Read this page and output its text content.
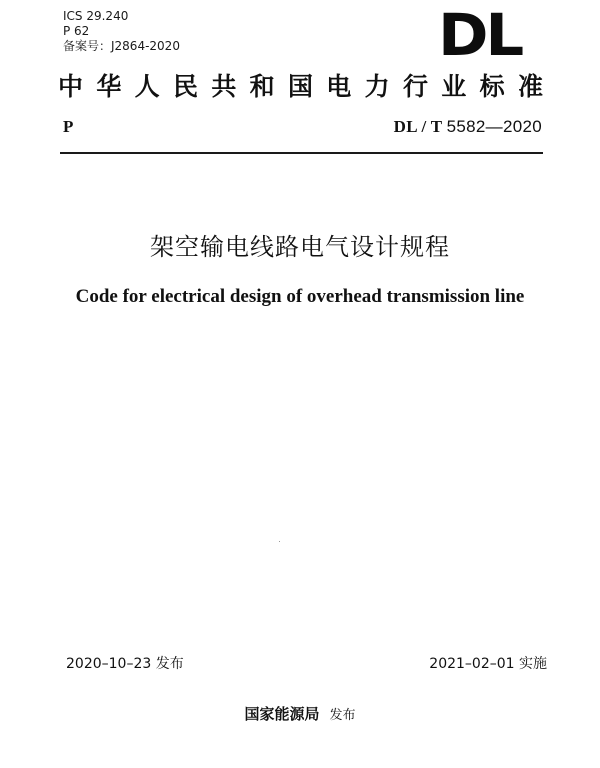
ICS 29.240
P 62
备案号：J2864-2020	DL
中 华 人 民 共 和 国 电 力 行 业 标 准
P	DL / T 5582—2020
架空输电线路电气设计规程
Code for electrical design of overhead transmission line
2020–10–23 发布	2021–02–01 实施
国家能源局 发布
